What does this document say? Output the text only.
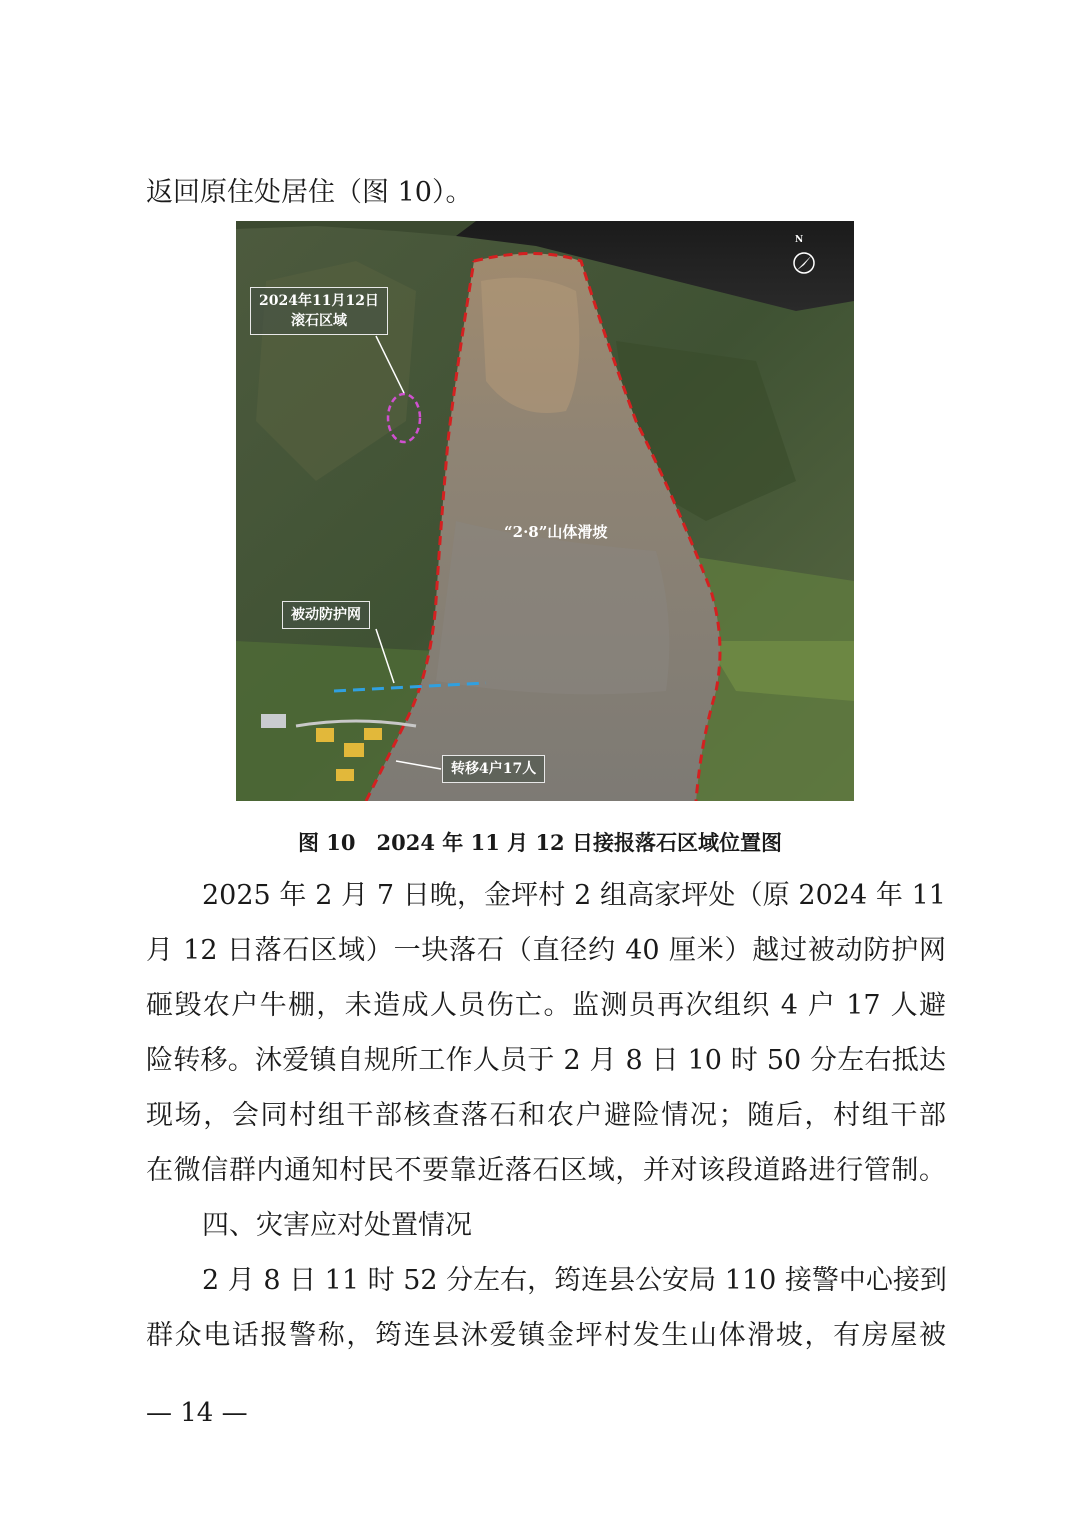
返回原住处居住（图 10）。
2024年11月12日
滚石区域
“2·8”山体滑坡
被动防护网
转移4户17人
N
图 10　2024 年 11 月 12 日接报落石区域位置图
2025 年 2 月 7 日晚，金坪村 2 组高家坪处（原 2024 年 11
月 12 日落石区域）一块落石（直径约 40 厘米）越过被动防护网
砸毁农户牛棚，未造成人员伤亡。监测员再次组织 4 户 17 人避
险转移。沐爱镇自规所工作人员于 2 月 8 日 10 时 50 分左右抵达
现场，会同村组干部核查落石和农户避险情况；随后，村组干部
在微信群内通知村民不要靠近落石区域，并对该段道路进行管制。
四、灾害应对处置情况
2 月 8 日 11 时 52 分左右，筠连县公安局 110 接警中心接到
群众电话报警称，筠连县沐爱镇金坪村发生山体滑坡，有房屋被
— 14 —
